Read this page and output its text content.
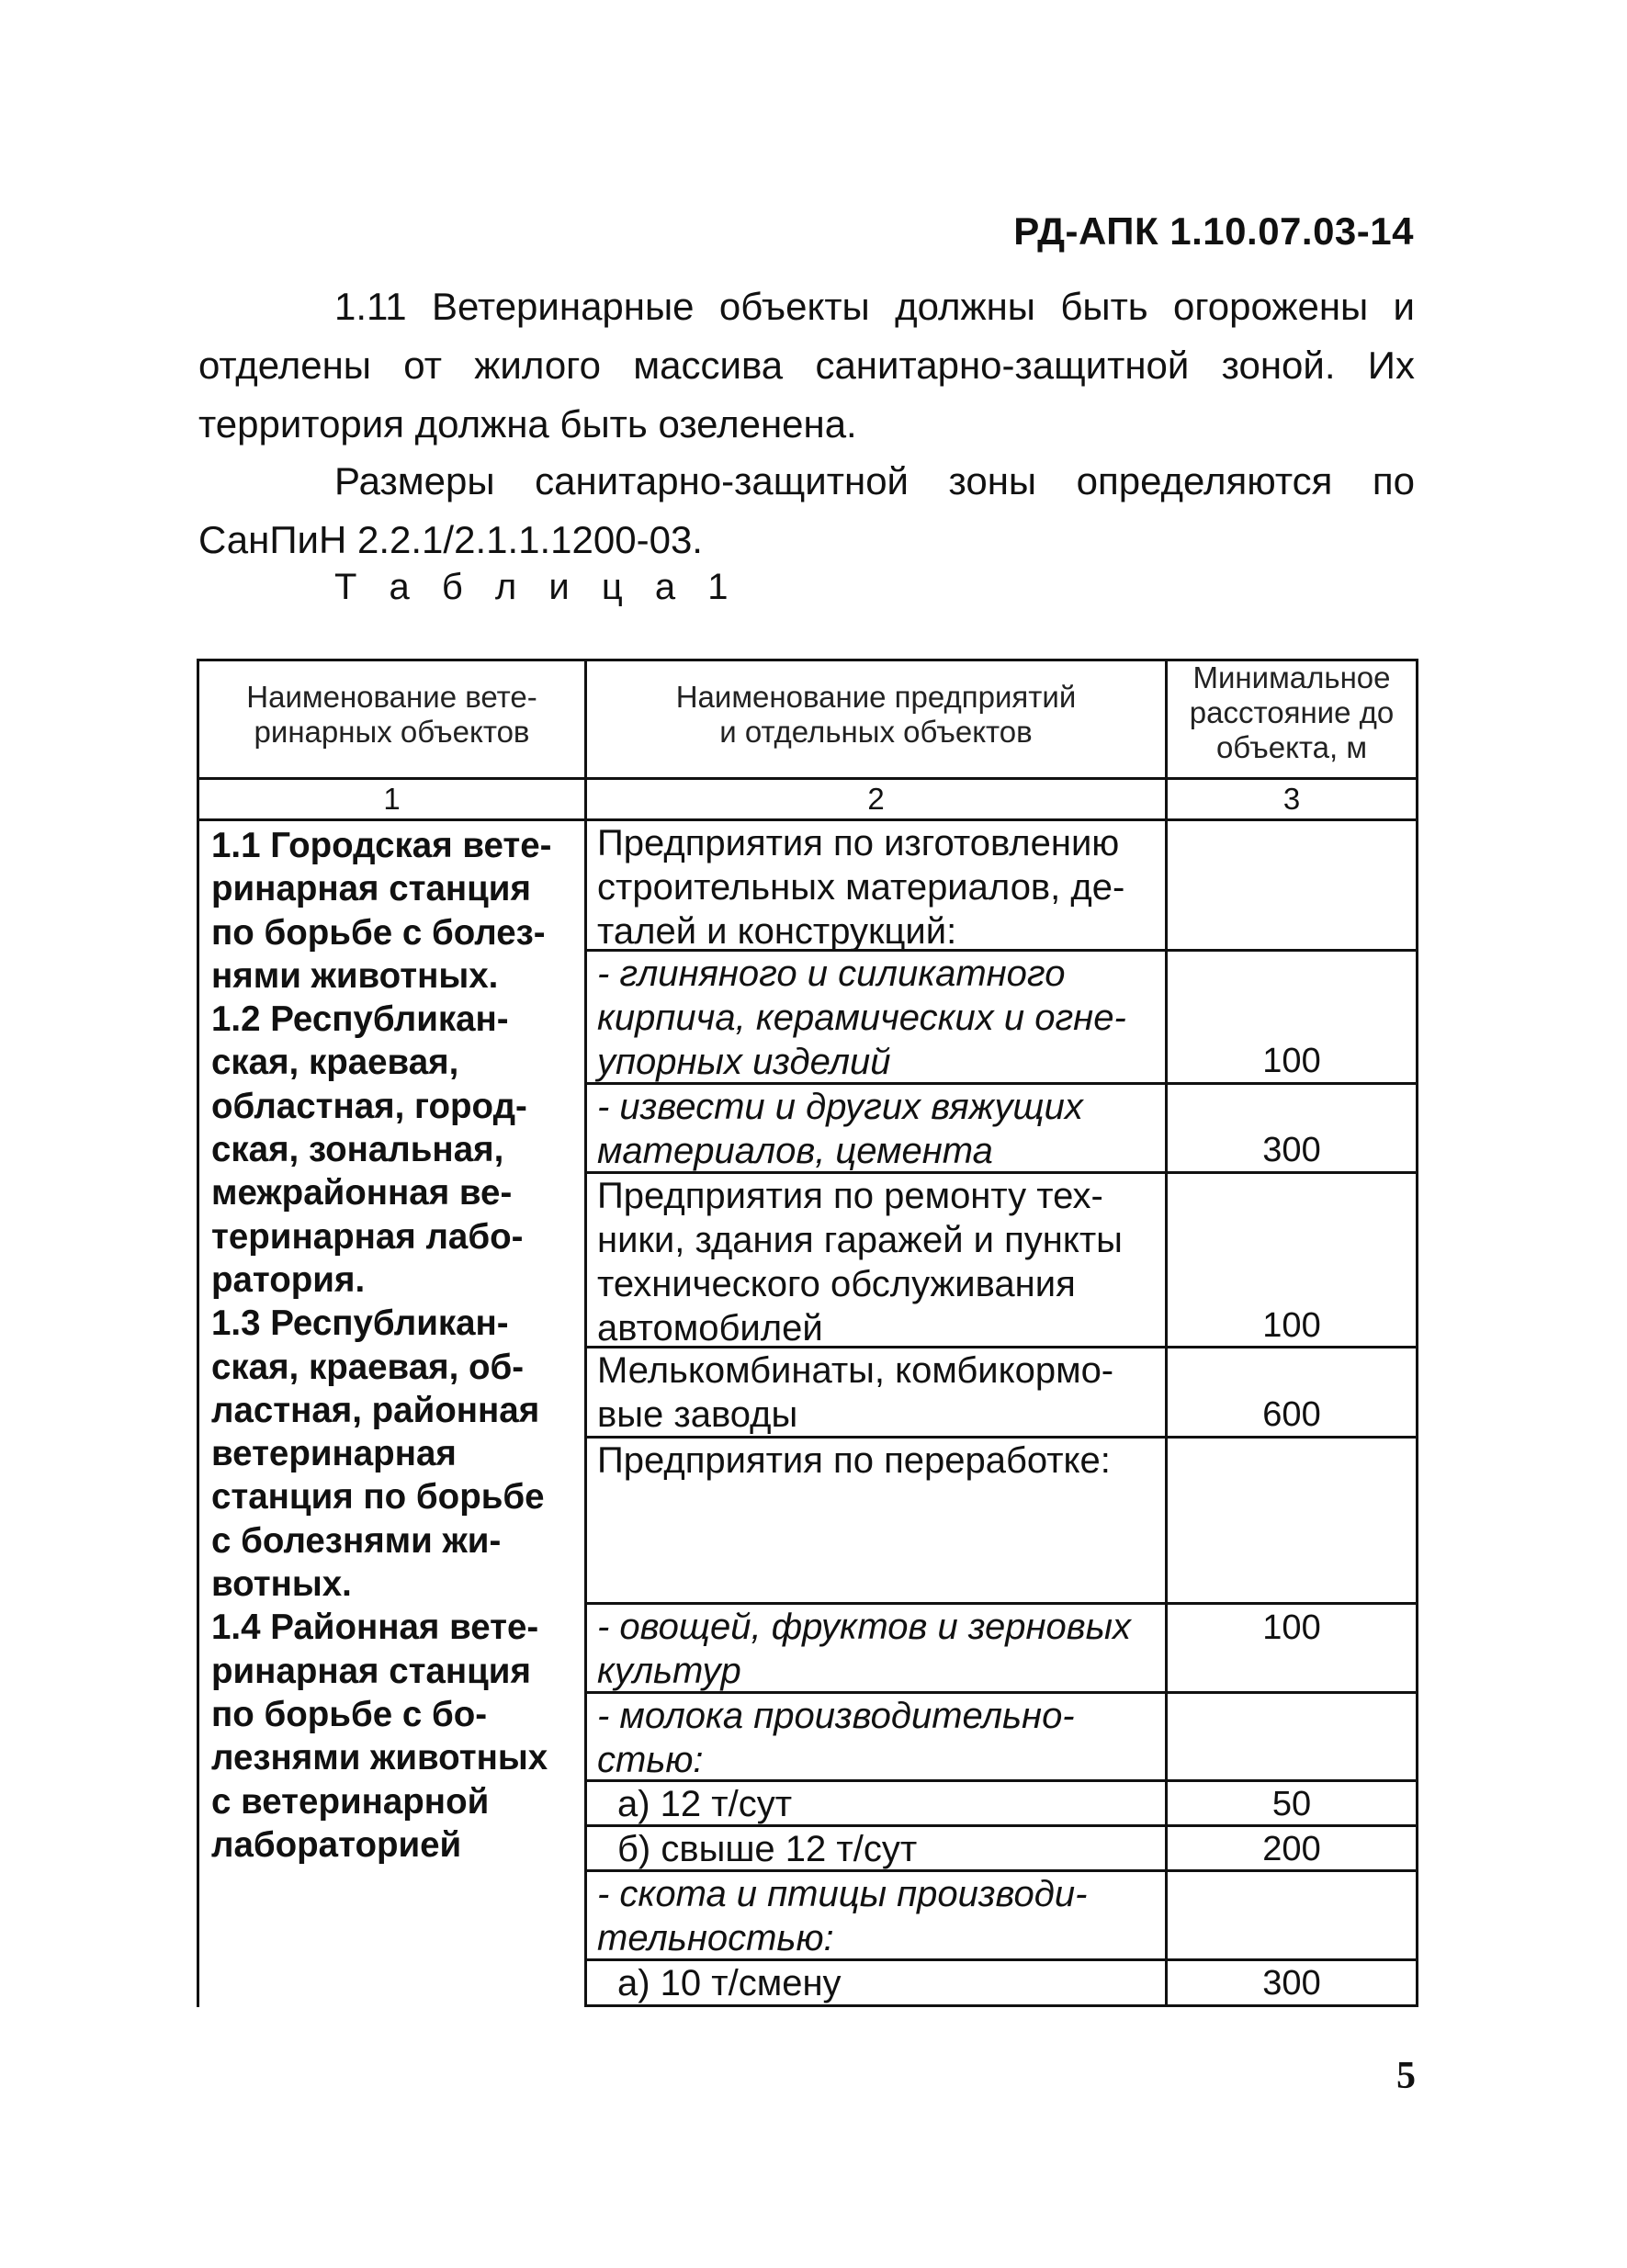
РД-АПК 1.10.07.03-14
1.11 Ветеринарные объекты должны быть огорожены и отделены от жилого массива санитарно-защитной зоной. Их территория должна быть озеленена.
Размеры санитарно-защитной зоны определяются по СанПиН 2.2.1/2.1.1.1200-03.
Т а б л и ц а 1
Наименование вете-
ринарных объектов
Наименование предприятий
и отдельных объектов
Минимальное
расстояние до
объекта, м
1	2	3
1.1 Городская вете-
ринарная станция
по борьбе с болез-
нями животных.
1.2 Республикан-
ская, краевая,
областная, город-
ская, зональная,
межрайонная ве-
теринарная лабо-
ратория.
1.3 Республикан-
ская, краевая, об-
ластная, районная
ветеринарная
станция по борьбе
с болезнями жи-
вотных.
1.4 Районная вете-
ринарная станция
по борьбе с бо-
лезнями животных
с ветеринарной
лабораторией
Предприятия по изготовлению
строительных материалов, де-
талей и конструкций:
- глиняного и силикатного
кирпича, керамических и огне-
упорных изделий
- извести и других вяжущих
материалов, цемента
Предприятия по ремонту тех-
ники, здания гаражей и пункты
технического обслуживания
автомобилей
Мелькомбинаты, комбикормо-
вые заводы
Предприятия по переработке:
- овощей, фруктов и зерновых
культур
- молока производительно-
стью:
а) 12 т/сут
б) свыше 12 т/сут
- скота и птицы производи-
тельностью:
а) 10 т/смену
100
300
100
600
100
50
200
300
5
